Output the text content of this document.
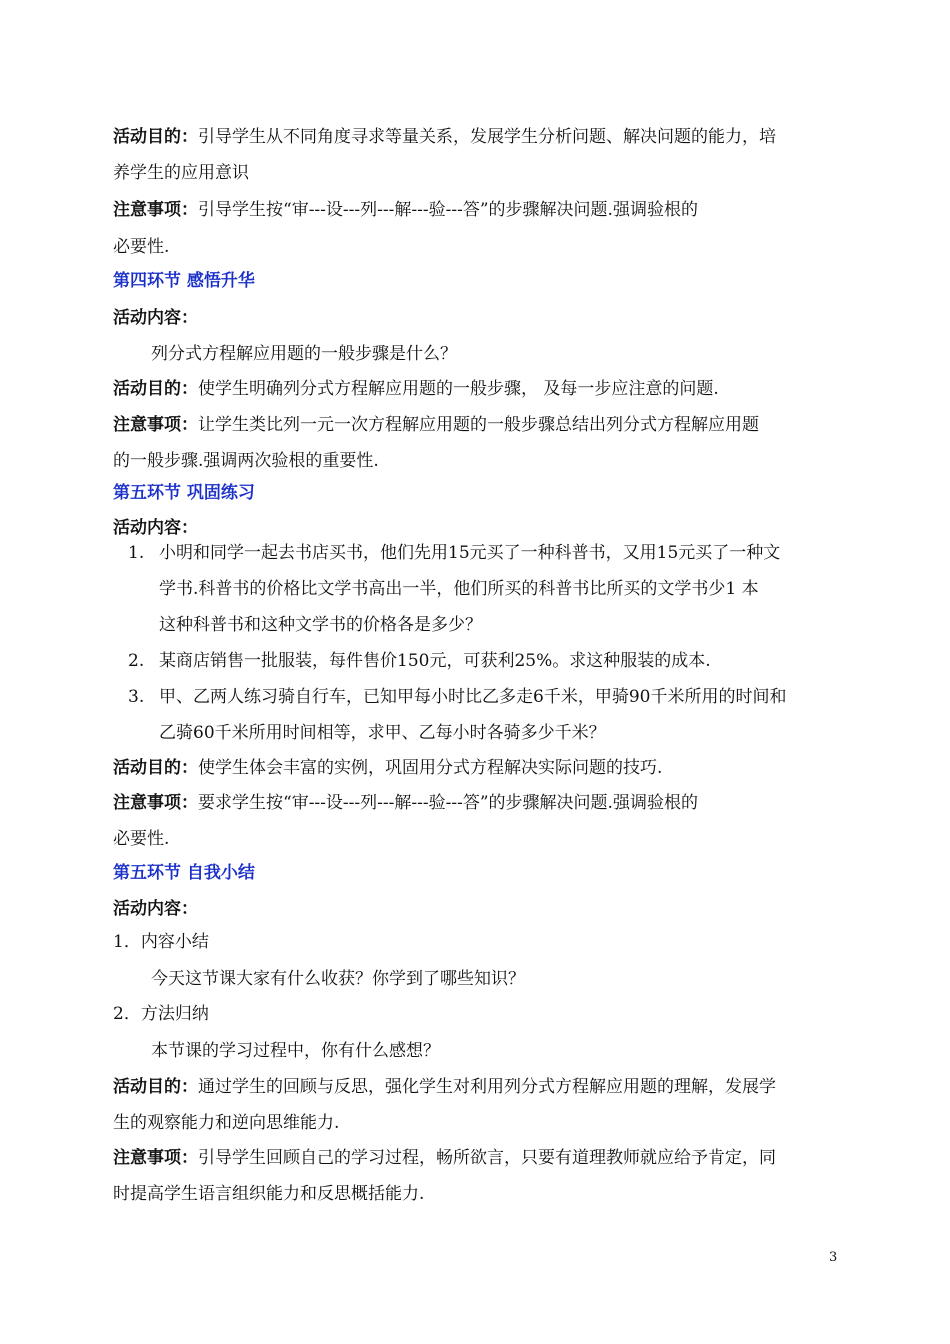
活动目的：引导学生从不同角度寻求等量关系，发展学生分析问题、解决问题的能力，培
养学生的应用意识
注意事项：引导学生按“审---设---列---解---验---答”的步骤解决问题.强调验根的
必要性.
第四环节 感悟升华
活动内容：
列分式方程解应用题的一般步骤是什么？
活动目的：使学生明确列分式方程解应用题的一般步骤， 及每一步应注意的问题.
注意事项：让学生类比列一元一次方程解应用题的一般步骤总结出列分式方程解应用题
的一般步骤.强调两次验根的重要性.
第五环节 巩固练习
活动内容：
1. 小明和同学一起去书店买书，他们先用15元买了一种科普书，又用15元买了一种文
学书.科普书的价格比文学书高出一半，他们所买的科普书比所买的文学书少1 本
这种科普书和这种文学书的价格各是多少？
2. 某商店销售一批服装，每件售价150元，可获利25%。求这种服装的成本.
3. 甲、乙两人练习骑自行车，已知甲每小时比乙多走6千米，甲骑90千米所用的时间和
乙骑60千米所用时间相等，求甲、乙每小时各骑多少千米？
活动目的：使学生体会丰富的实例，巩固用分式方程解决实际问题的技巧.
注意事项：要求学生按“审---设---列---解---验---答”的步骤解决问题.强调验根的
必要性.
第五环节 自我小结
活动内容：
1．内容小结
今天这节课大家有什么收获？你学到了哪些知识？
2．方法归纳
本节课的学习过程中，你有什么感想？
活动目的：通过学生的回顾与反思，强化学生对利用列分式方程解应用题的理解，发展学
生的观察能力和逆向思维能力.
注意事项：引导学生回顾自己的学习过程，畅所欲言，只要有道理教师就应给予肯定，同
时提高学生语言组织能力和反思概括能力.
3
